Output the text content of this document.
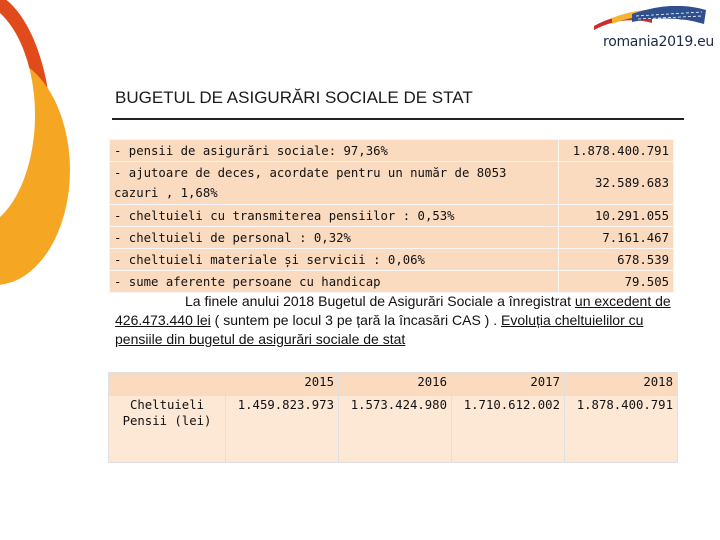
romania2019.eu
BUGETUL DE ASIGURĂRI SOCIALE DE STAT
- pensii de asigurări sociale: 97,36%	1.878.400.791
- ajutoare de deces, acordate pentru un număr de 8053 cazuri , 1,68%	32.589.683
- cheltuieli cu transmiterea pensiilor : 0,53%	10.291.055
- cheltuieli de personal : 0,32%	7.161.467
- cheltuieli materiale și servicii : 0,06%	678.539
- sume aferente persoane cu handicap	79.505
La finele anului 2018 Bugetul de Asigurări Sociale a înregistrat un excedent de 426.473.440 lei ( suntem pe locul 3 pe țară la încasări CAS ) . Evoluția cheltuielilor cu pensiile din bugetul de asigurări sociale de stat
	2015	2016	2017	2018
Cheltuieli
Pensii (lei)	1.459.823.973	1.573.424.980	1.710.612.002	1.878.400.791
